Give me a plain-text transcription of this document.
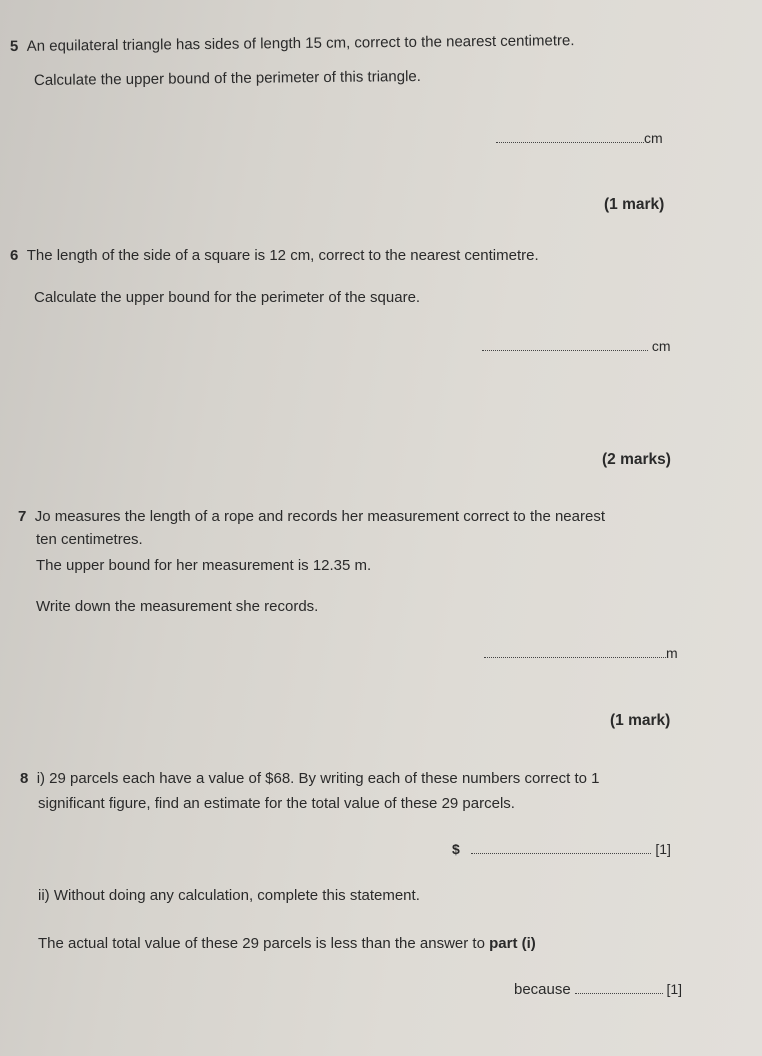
5 An equilateral triangle has sides of length 15 cm, correct to the nearest centimetre.
Calculate the upper bound of the perimeter of this triangle.
cm
(1 mark)
6 The length of the side of a square is 12 cm, correct to the nearest centimetre.
Calculate the upper bound for the perimeter of the square.
cm
(2 marks)
7 Jo measures the length of a rope and records her measurement correct to the nearest
ten centimetres.
The upper bound for her measurement is 12.35 m.
Write down the measurement she records.
m
(1 mark)
8 i) 29 parcels each have a value of $68. By writing each of these numbers correct to 1
significant figure, find an estimate for the total value of these 29 parcels.
$	[1]
ii) Without doing any calculation, complete this statement.
The actual total value of these 29 parcels is less than the answer to part (i)
because	[1]
